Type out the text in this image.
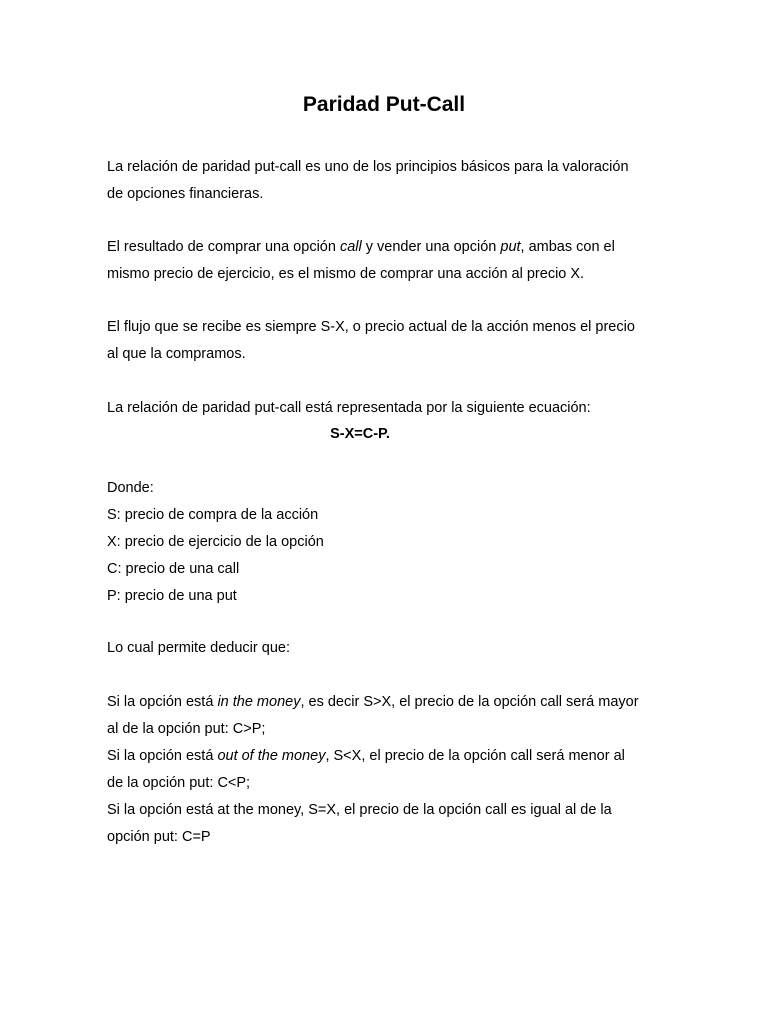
Paridad Put-Call

La relación de paridad put-call es uno de los principios básicos para la valoración

de opciones financieras.

El resultado de comprar una opción call y vender una opción put, ambas con el

mismo precio de ejercicio, es el mismo de comprar una acción al precio X.

El flujo que se recibe es siempre S-X, o precio actual de la acción menos el precio

al que la compramos.

La relación de paridad put-call está representada por la siguiente ecuación:

S-X=C-P.

Donde:

S: precio de compra de la acción

X: precio de ejercicio de la opción

C: precio de una call

P: precio de una put

Lo cual permite deducir que:

Si la opción está in the money, es decir S>X, el precio de la opción call será mayor

al de la opción put: C>P;

Si la opción está out of the money, S<X, el precio de la opción call será menor al

de la opción put: C<P;

Si la opción está at the money, S=X, el precio de la opción call es igual al de la

opción put: C=P
